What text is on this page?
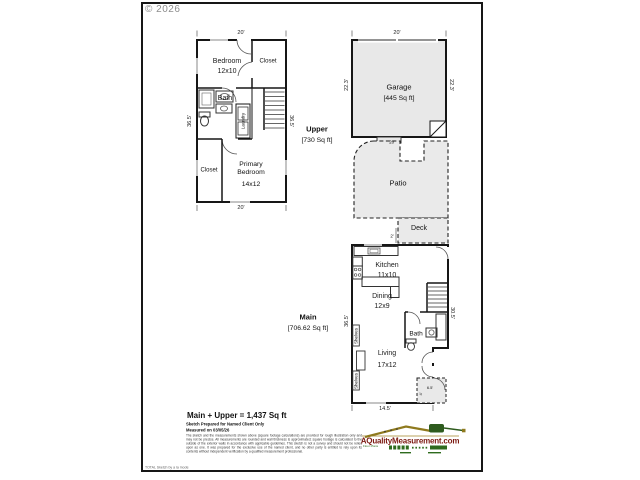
© 2026
20'
20'
36.5'	36.5'
Bedroom
12x10
Closet
Bath
Laundry
Closet
Primary Bedroom
14x12
Upper
[730 Sq ft]
Garage
[445 Sq ft]
20'
22.3'	22.3'
20'
Patio
Deck
2'
6.5'
4'
Kitchen
11x10
Dining
12x9
Bath
Living
17x12
Shelves
Shelves
Main
[706.62 Sq ft]
14.5'
36.5'
30.5'
Main + Upper = 1,437 Sq ft
Sketch Prepared for Named Client Only
Measured on 03/05/26
The sketch and the measurements shown above (square footage calculations) are provided for rough illustration only and may not be precise. All measurements are rounded and wall thickness is approximated; square footage is calculated to the outside of the exterior walls in accordance with applicable guidelines. This sketch is not a survey and should not be relied upon as one. It was prepared for the exclusive use of the named client, and no other party is entitled to rely upon its contents without independent verification by a qualified measurement professional.
TOTAL Sketch by a la mode
AQualityMeasurement.com
Floor Plans
